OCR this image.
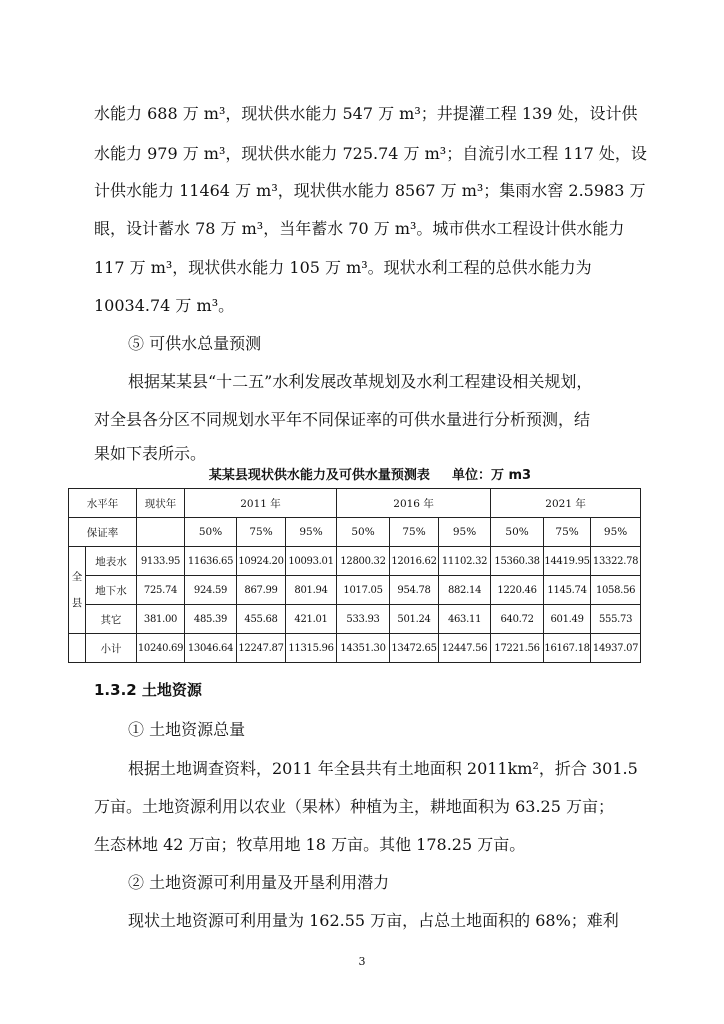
水能力 688 万 m³，现状供水能力 547 万 m³；井提灌工程 139 处，设计供
水能力 979 万 m³，现状供水能力 725.74 万 m³；自流引水工程 117 处，设
计供水能力 11464 万 m³，现状供水能力 8567 万 m³；集雨水窖 2.5983 万
眼，设计蓄水 78 万 m³，当年蓄水 70 万 m³。城市供水工程设计供水能力
117 万 m³，现状供水能力 105 万 m³。现状水利工程的总供水能力为
10034.74 万 m³。
⑤ 可供水总量预测
根据某某县“十二五”水利发展改革规划及水利工程建设相关规划，
对全县各分区不同规划水平年不同保证率的可供水量进行分析预测，结
果如下表所示。
某某县现状供水能力及可供水量预测表 单位：万 m3
水平年		现状年	2011 年			2016 年			2021 年		
保证率			50%	75%	95%	50%	75%	95%	50%	75%	95%
全
县	地表水	9133.95	11636.65	10924.20	10093.01	12800.32	12016.62	11102.32	15360.38	14419.95	13322.78
	地下水	725.74	924.59	867.99	801.94	1017.05	954.78	882.14	1220.46	1145.74	1058.56
	其它	381.00	485.39	455.68	421.01	533.93	501.24	463.11	640.72	601.49	555.73
	小计	10240.69	13046.64	12247.87	11315.96	14351.30	13472.65	12447.56	17221.56	16167.18	14937.07
1.3.2 土地资源
① 土地资源总量
根据土地调查资料，2011 年全县共有土地面积 2011km²，折合 301.5
万亩。土地资源利用以农业（果林）种植为主，耕地面积为 63.25 万亩；
生态林地 42 万亩；牧草用地 18 万亩。其他 178.25 万亩。
② 土地资源可利用量及开垦利用潜力
现状土地资源可利用量为 162.55 万亩，占总土地面积的 68%；难利
3
